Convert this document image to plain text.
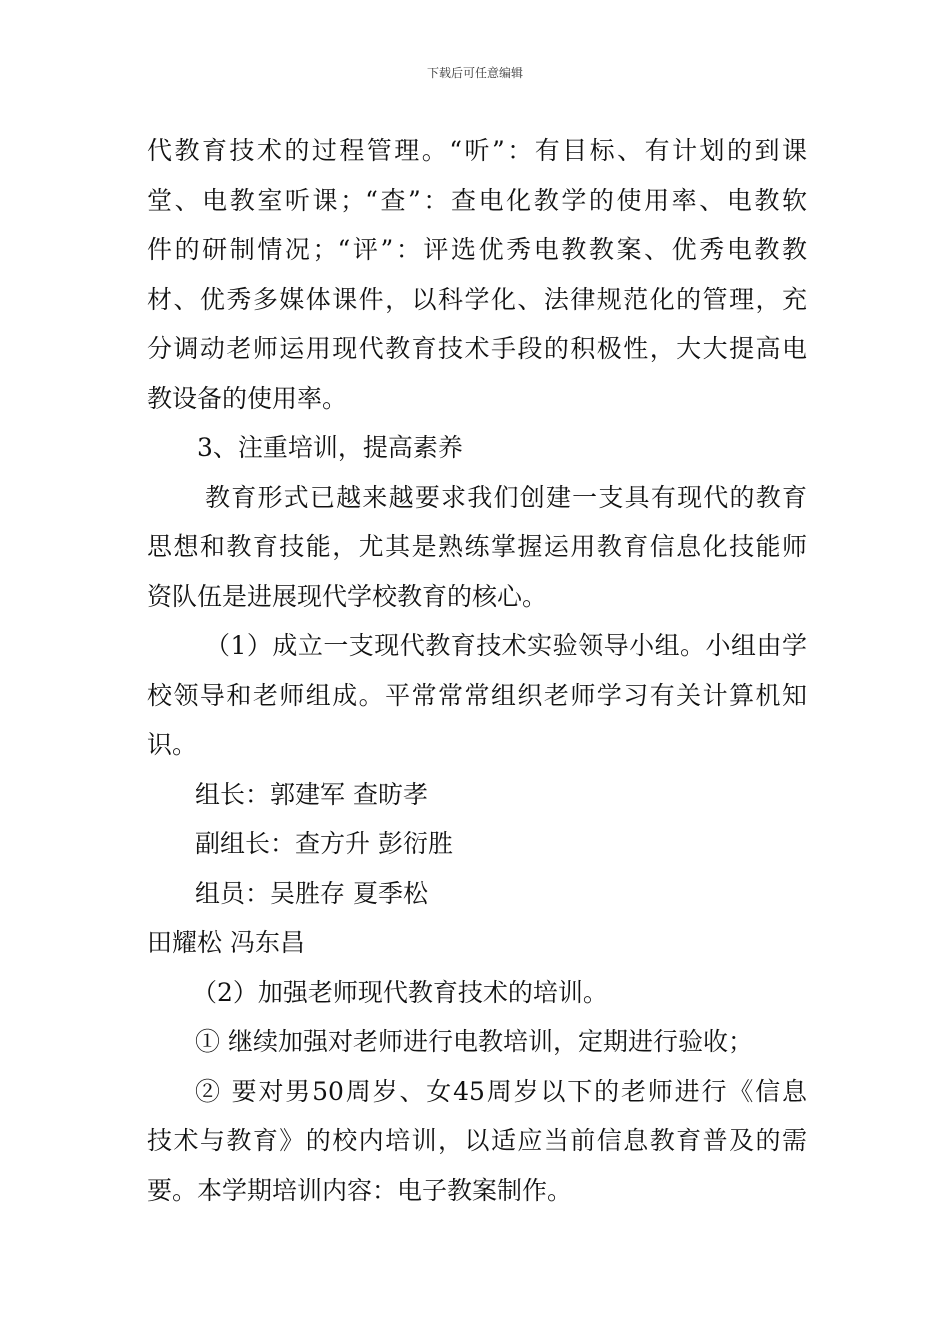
下载后可任意编辑
代教育技术的过程管理。“听”：有目标、有计划的到课
堂、电教室听课；“查”：查电化教学的使用率、电教软
件的研制情况；“评”：评选优秀电教教案、优秀电教教
材、优秀多媒体课件，以科学化、法律规范化的管理，充
分调动老师运用现代教育技术手段的积极性，大大提高电
教设备的使用率。
3、注重培训，提高素养
教育形式已越来越要求我们创建一支具有现代的教育
思想和教育技能，尤其是熟练掌握运用教育信息化技能师
资队伍是进展现代学校教育的核心。
（1）成立一支现代教育技术实验领导小组。小组由学
校领导和老师组成。平常常常组织老师学习有关计算机知
识。
组长：郭建军 查昉孝
副组长：查方升 彭衍胜
组员：吴胜存 夏季松
田耀松 冯东昌
（2）加强老师现代教育技术的培训。
① 继续加强对老师进行电教培训，定期进行验收；
② 要对男50周岁、女45周岁以下的老师进行《信息
技术与教育》的校内培训，以适应当前信息教育普及的需
要。本学期培训内容：电子教案制作。
